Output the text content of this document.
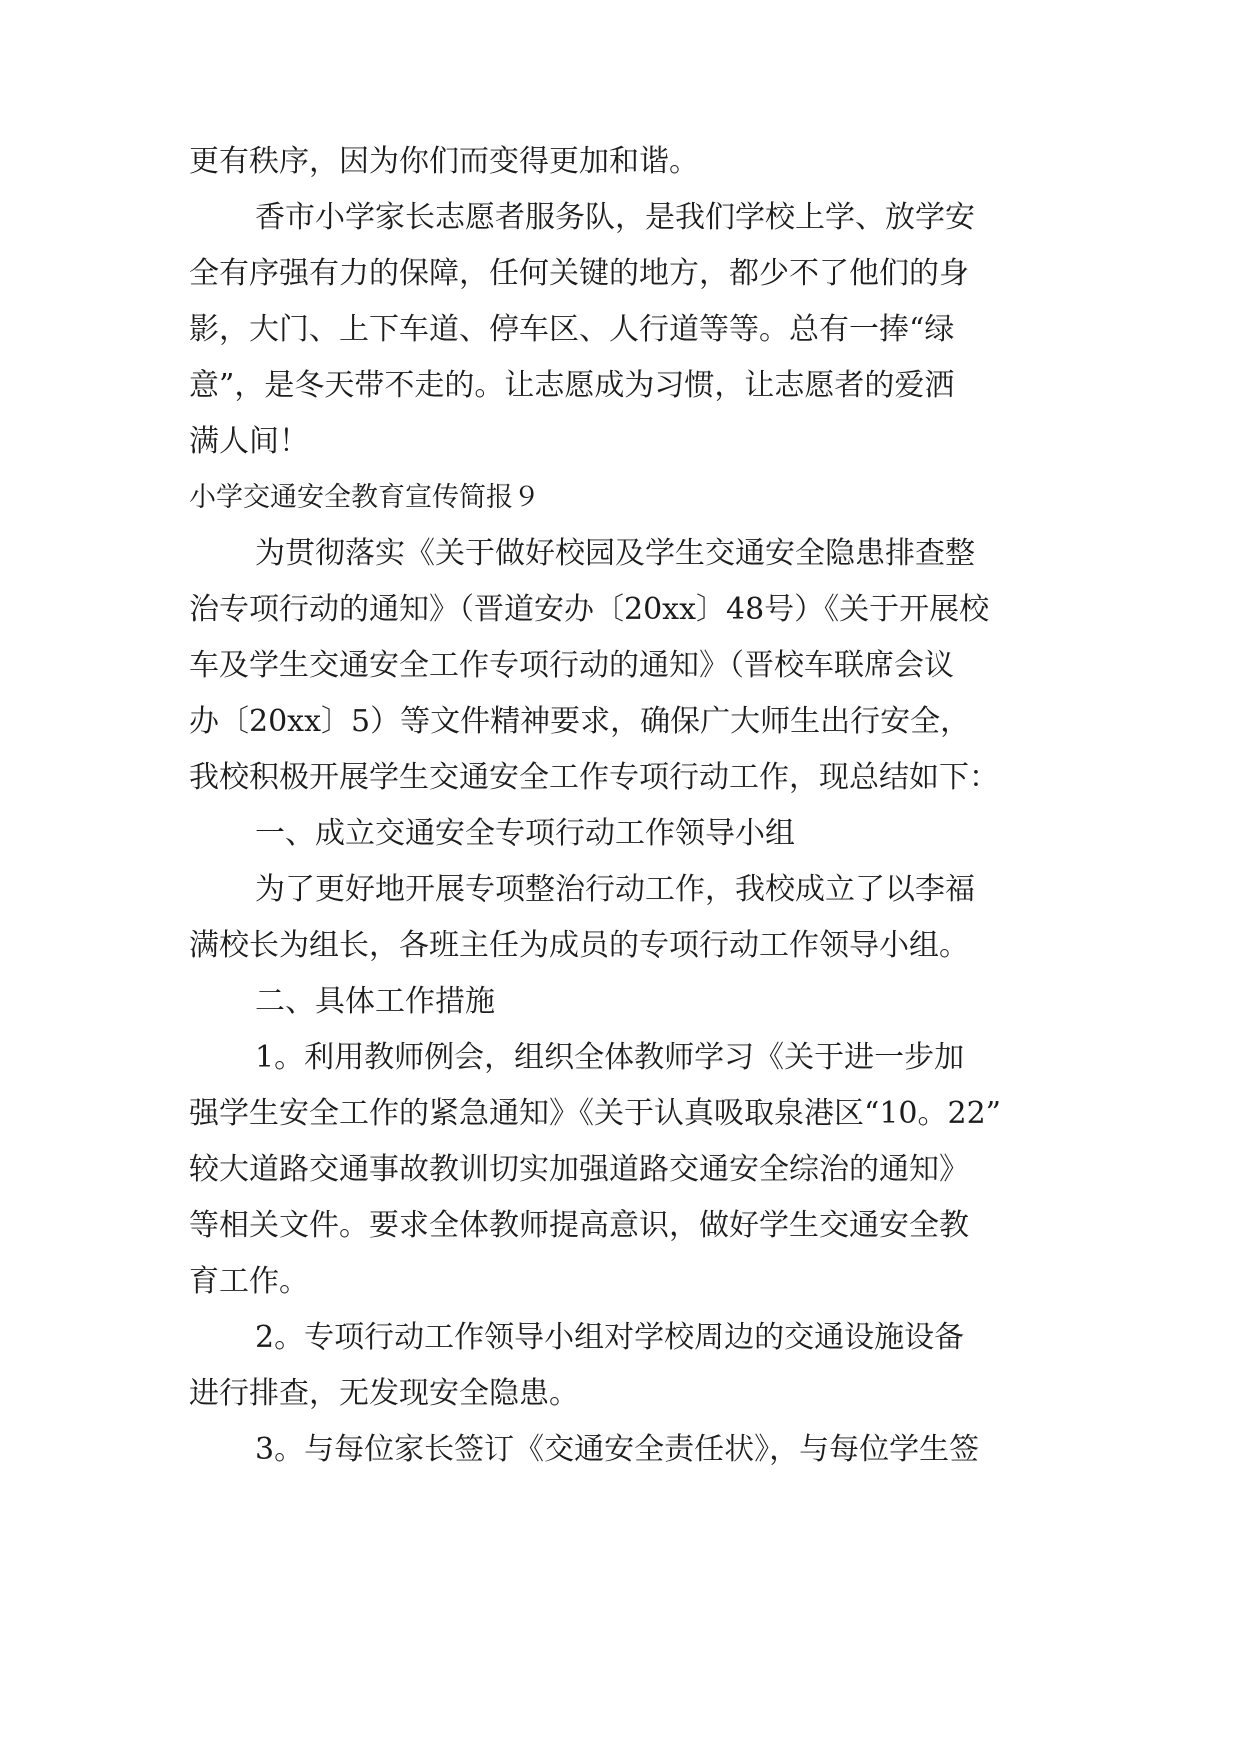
更有秩序，因为你们而变得更加和谐。

香市小学家长志愿者服务队，是我们学校上学、放学安

全有序强有力的保障，任何关键的地方，都少不了他们的身

影，大门、上下车道、停车区、人行道等等。总有一捧“绿

意”，是冬天带不走的。让志愿成为习惯，让志愿者的爱洒

满人间！

小学交通安全教育宣传简报９

为贯彻落实《关于做好校园及学生交通安全隐患排查整

治专项行动的通知》（晋道安办〔20xx〕48号）《关于开展校

车及学生交通安全工作专项行动的通知》（晋校车联席会议

办〔20xx〕5）等文件精神要求，确保广大师生出行安全，

我校积极开展学生交通安全工作专项行动工作，现总结如下：

一、成立交通安全专项行动工作领导小组

为了更好地开展专项整治行动工作，我校成立了以李福

满校长为组长，各班主任为成员的专项行动工作领导小组。

二、具体工作措施

1。利用教师例会，组织全体教师学习《关于进一步加

强学生安全工作的紧急通知》《关于认真吸取泉港区“10。22”

较大道路交通事故教训切实加强道路交通安全综治的通知》

等相关文件。要求全体教师提高意识，做好学生交通安全教

育工作。

2。专项行动工作领导小组对学校周边的交通设施设备

进行排查，无发现安全隐患。

3。与每位家长签订《交通安全责任状》，与每位学生签
